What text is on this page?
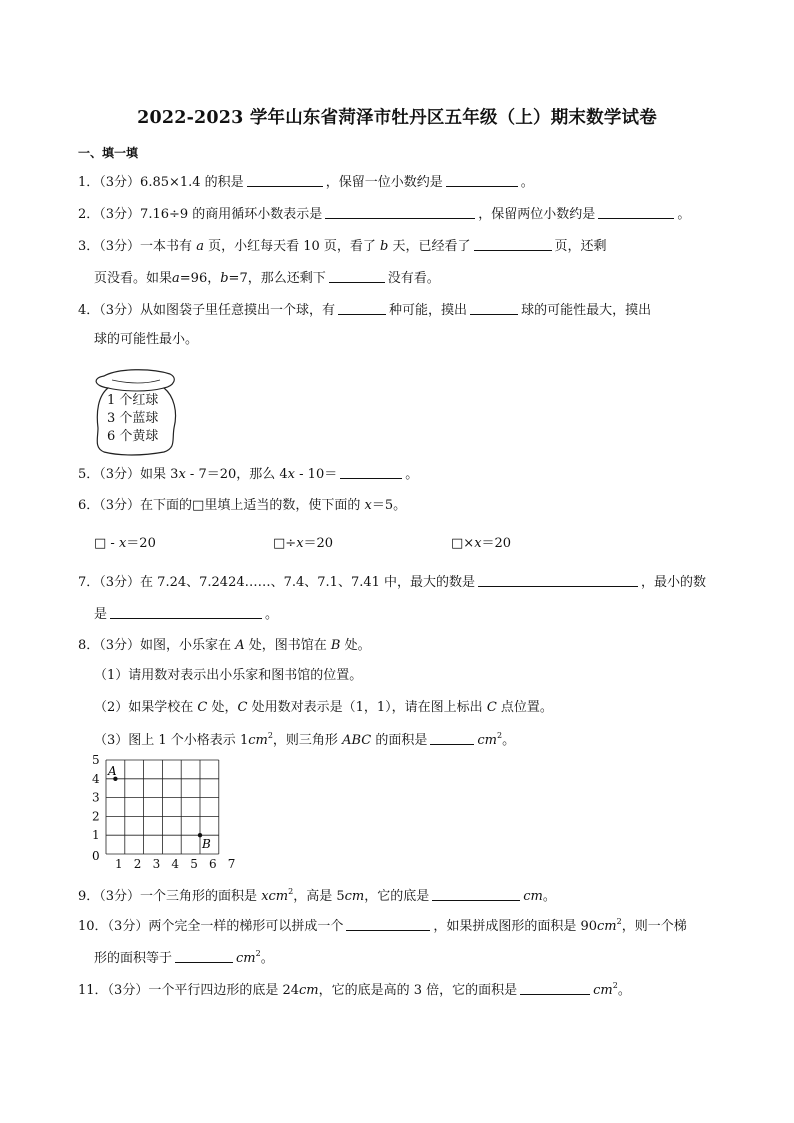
2022-2023 学年山东省菏泽市牡丹区五年级（上）期末数学试卷
一、填一填
1．（3分）6.85×1.4 的积是	，保留一位小数约是	。
2．（3分）7.16÷9 的商用循环小数表示是	，保留两位小数约是	。
3．（3分）一本书有 a 页，小红每天看 10 页，看了 b 天，已经看了	页，还剩
页没看。如果a=96，b=7，那么还剩下	没有看。
4．（3分）从如图袋子里任意摸出一个球，有	种可能，摸出	球的可能性最大，摸出
球的可能性最小。
1 个红球
3 个蓝球
6 个黄球
5．（3分）如果 3x - 7＝20，那么 4x - 10＝	。
6．（3分）在下面的□里填上适当的数，使下面的 x＝5。
□ - x＝20	□÷x＝20	□×x＝20
7．（3分）在 7.24、7.2424……、7.4、7.1、7.41 中，最大的数是	，最小的数
是	。
8．（3分）如图，小乐家在 A 处，图书馆在 B 处。
（1）请用数对表示出小乐家和图书馆的位置。
（2）如果学校在 C 处，C 处用数对表示是（1，1），请在图上标出 C 点位置。
（3）图上 1 个小格表示 $1cm^2$，则三角形 ABC 的面积是	$cm^2$。
5
4
3
2
1
1 2 3 4 5 6 7
A
B
0
9．（3分）一个三角形的面积是 xcm$^2$，高是 5cm，它的底是	cm。
10．（3分）两个完全一样的梯形可以拼成一个	，如果拼成图形的面积是 $90cm^2$，则一个梯
形的面积等于	$cm^2$。
11．（3分）一个平行四边形的底是 24cm，它的底是高的 3 倍，它的面积是	$cm^2$。
